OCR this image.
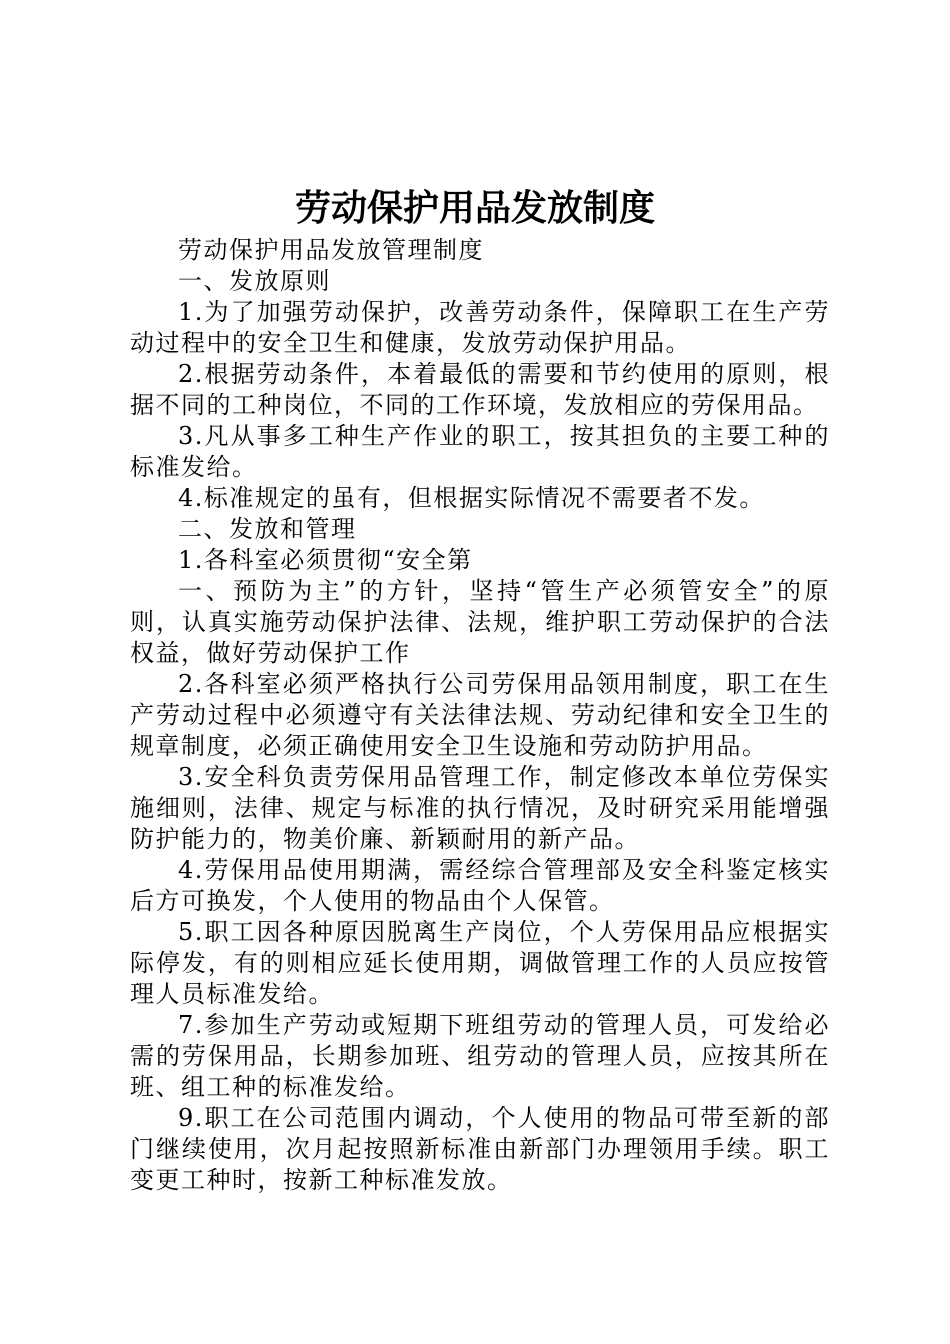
劳动保护用品发放制度

劳动保护用品发放管理制度

一、发放原则

1.为了加强劳动保护，改善劳动条件，保障职工在生产劳动过程中的安全卫生和健康，发放劳动保护用品。

2.根据劳动条件，本着最低的需要和节约使用的原则，根据不同的工种岗位，不同的工作环境，发放相应的劳保用品。

3.凡从事多工种生产作业的职工，按其担负的主要工种的标准发给。

4.标准规定的虽有，但根据实际情况不需要者不发。

二、发放和管理

1.各科室必须贯彻“安全第

一、预防为主”的方针，坚持“管生产必须管安全”的原则，认真实施劳动保护法律、法规，维护职工劳动保护的合法权益，做好劳动保护工作

2.各科室必须严格执行公司劳保用品领用制度，职工在生产劳动过程中必须遵守有关法律法规、劳动纪律和安全卫生的规章制度，必须正确使用安全卫生设施和劳动防护用品。

3.安全科负责劳保用品管理工作，制定修改本单位劳保实施细则，法律、规定与标准的执行情况，及时研究采用能增强防护能力的，物美价廉、新颖耐用的新产品。

4.劳保用品使用期满，需经综合管理部及安全科鉴定核实后方可换发，个人使用的物品由个人保管。

5.职工因各种原因脱离生产岗位，个人劳保用品应根据实际停发，有的则相应延长使用期，调做管理工作的人员应按管理人员标准发给。

7.参加生产劳动或短期下班组劳动的管理人员，可发给必需的劳保用品，长期参加班、组劳动的管理人员，应按其所在班、组工种的标准发给。

9.职工在公司范围内调动，个人使用的物品可带至新的部门继续使用，次月起按照新标准由新部门办理领用手续。职工变更工种时，按新工种标准发放。
